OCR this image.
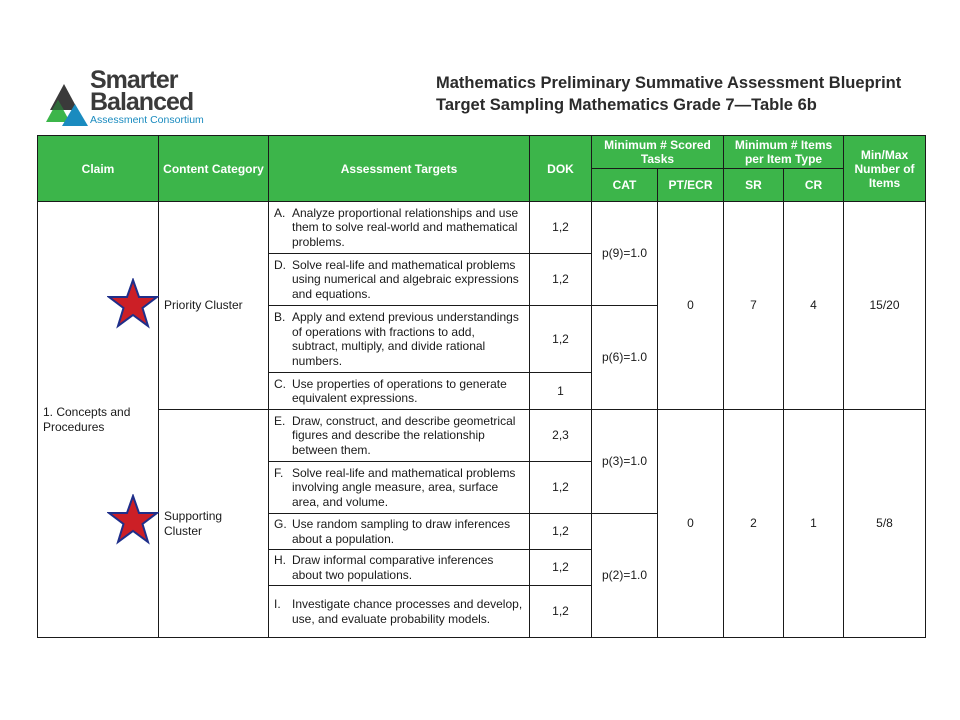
Smarter
Balanced
Assessment Consortium
Mathematics Preliminary Summative Assessment Blueprint
Target Sampling Mathematics Grade 7—Table 6b
Claim	Content Category	Assessment Targets	DOK	Minimum # Scored Tasks		Minimum # Items per Item Type		Min/Max Number of Items
				CAT	PT/ECR	SR	CR	
1. Concepts and Procedures	Priority Cluster	A. Analyze proportional relationships and use them to solve real-world and mathematical problems.	1,2	p(9)=1.0	0	7	4	15/20

		D. Solve real-life and mathematical problems using numerical and algebraic expressions and equations.	1,2					

		B. Apply and extend previous understandings of operations with fractions to add, subtract, multiply, and divide rational numbers.	1,2	p(6)=1.0				

		C. Use properties of operations to generate equivalent expressions.	1					
	Supporting Cluster	E. Draw, construct, and describe geometrical figures and describe the relationship between them.	2,3	p(3)=1.0	0	2	1	5/8

		F. Solve real-life and mathematical problems involving angle measure, area, surface area, and volume.	1,2					

		G. Use random sampling to draw inferences about a population.	1,2	p(2)=1.0				

		H. Draw informal comparative inferences about two populations.	1,2					

		I. Investigate chance processes and develop, use, and evaluate probability models.	1,2					
